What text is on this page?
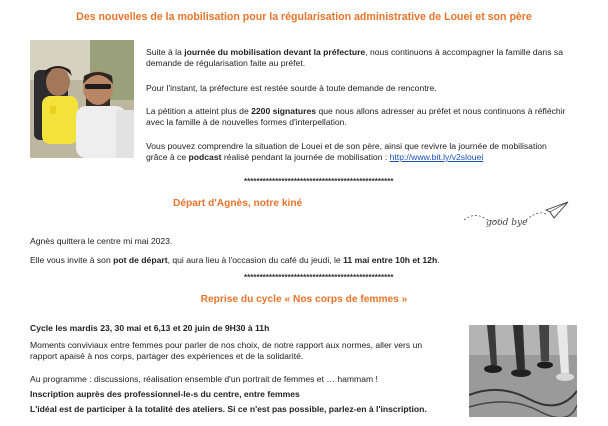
Des nouvelles de la mobilisation pour la régularisation administrative de Louei et son père
Suite à la journée du mobilisation devant la préfecture, nous continuons à accompagner la famille dans sa
demande de régularisation faite au préfet.
Pour l'instant, la préfecture est restée sourde à toute demande de rencontre.
La pétition a atteint plus de 2200 signatures que nous allons adresser au préfet et nous continuons à réfléchir
avec la famille à de nouvelles formes d'interpellation.
Vous pouvez comprendre la situation de Louei et de son père, ainsi que revivre la journée de mobilisation
grâce à ce podcast réalisé pendant la journée de mobilisation : http://www.bit.ly/v2slouei
************************************************
Départ d'Agnès, notre kiné
good bye
Agnès quittera le centre mi mai 2023.
Elle vous invite à son pot de départ, qui aura lieu à l'occasion du café du jeudi, le 11 mai entre 10h et 12h.
************************************************
Reprise du cycle « Nos corps de femmes »
Cycle les mardis 23, 30 mai et 6,13 et 20 juin de 9H30 à 11h
Moments conviviaux entre femmes pour parler de nos choix, de notre rapport aux normes, aller vers un
rapport apaisé à nos corps, partager des expériences et de la solidarité.
Au programme : discussions, réalisation ensemble d'un portrait de femmes et … hammam !
Inscription auprès des professionnel-le-s du centre, entre femmes
L'idéal est de participer à la totalité des ateliers. Si ce n'est pas possible, parlez-en à l'inscription.
